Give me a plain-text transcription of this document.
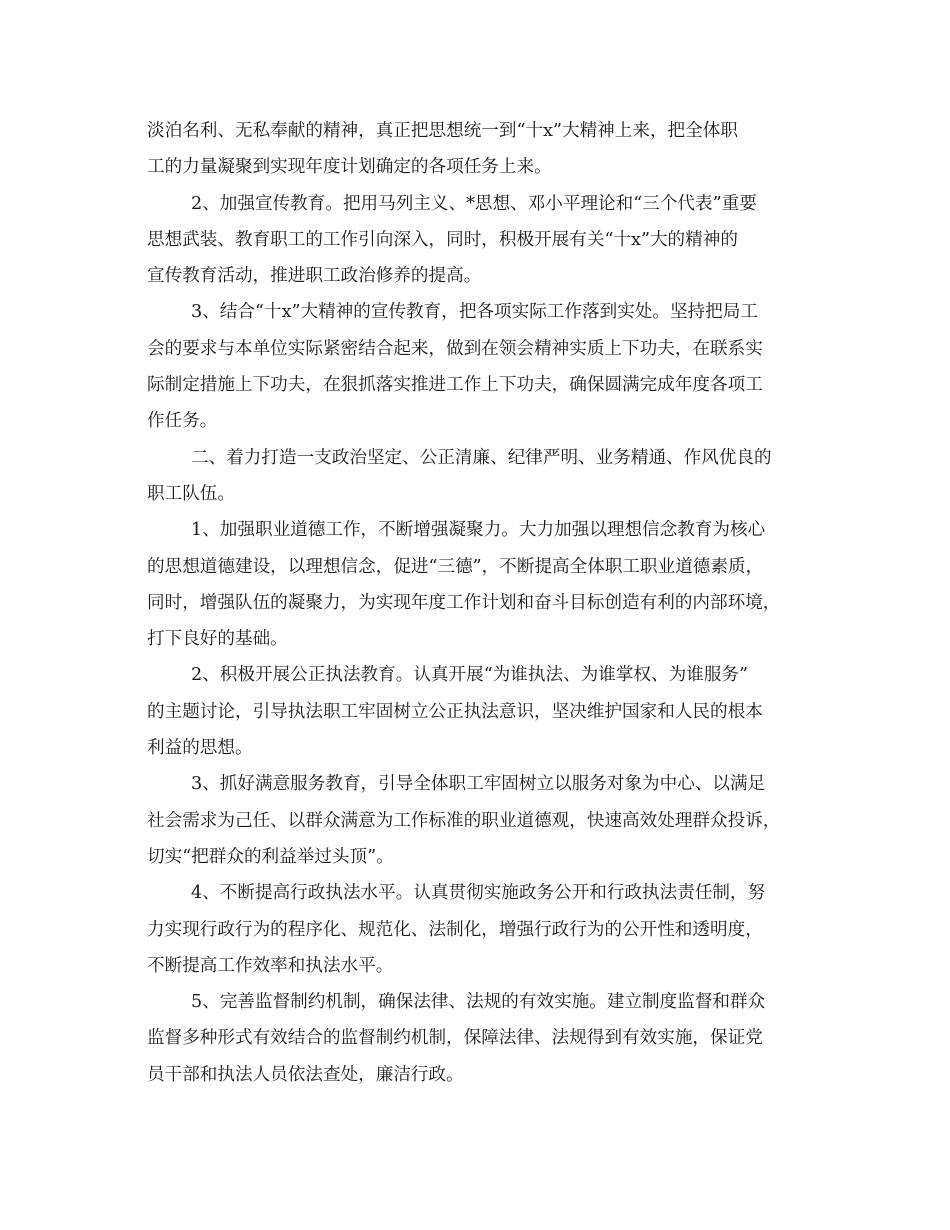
淡泊名利、无私奉献的精神，真正把思想统一到“十x”大精神上来，把全体职
工的力量凝聚到实现年度计划确定的各项任务上来。
2、加强宣传教育。把用马列主义、*思想、邓小平理论和“三个代表”重要
思想武装、教育职工的工作引向深入，同时，积极开展有关“十x”大的精神的
宣传教育活动，推进职工政治修养的提高。
3、结合“十x”大精神的宣传教育，把各项实际工作落到实处。坚持把局工
会的要求与本单位实际紧密结合起来，做到在领会精神实质上下功夫，在联系实
际制定措施上下功夫，在狠抓落实推进工作上下功夫，确保圆满完成年度各项工
作任务。
二、着力打造一支政治坚定、公正清廉、纪律严明、业务精通、作风优良的
职工队伍。
1、加强职业道德工作，不断增强凝聚力。大力加强以理想信念教育为核心
的思想道德建设，以理想信念，促进“三德”，不断提高全体职工职业道德素质，
同时，增强队伍的凝聚力，为实现年度工作计划和奋斗目标创造有利的内部环境，
打下良好的基础。
2、积极开展公正执法教育。认真开展“为谁执法、为谁掌权、为谁服务”
的主题讨论，引导执法职工牢固树立公正执法意识，坚决维护国家和人民的根本
利益的思想。
3、抓好满意服务教育，引导全体职工牢固树立以服务对象为中心、以满足
社会需求为己任、以群众满意为工作标准的职业道德观，快速高效处理群众投诉，
切实“把群众的利益举过头顶”。
4、不断提高行政执法水平。认真贯彻实施政务公开和行政执法责任制，努
力实现行政行为的程序化、规范化、法制化，增强行政行为的公开性和透明度，
不断提高工作效率和执法水平。
5、完善监督制约机制，确保法律、法规的有效实施。建立制度监督和群众
监督多种形式有效结合的监督制约机制，保障法律、法规得到有效实施，保证党
员干部和执法人员依法查处，廉洁行政。
